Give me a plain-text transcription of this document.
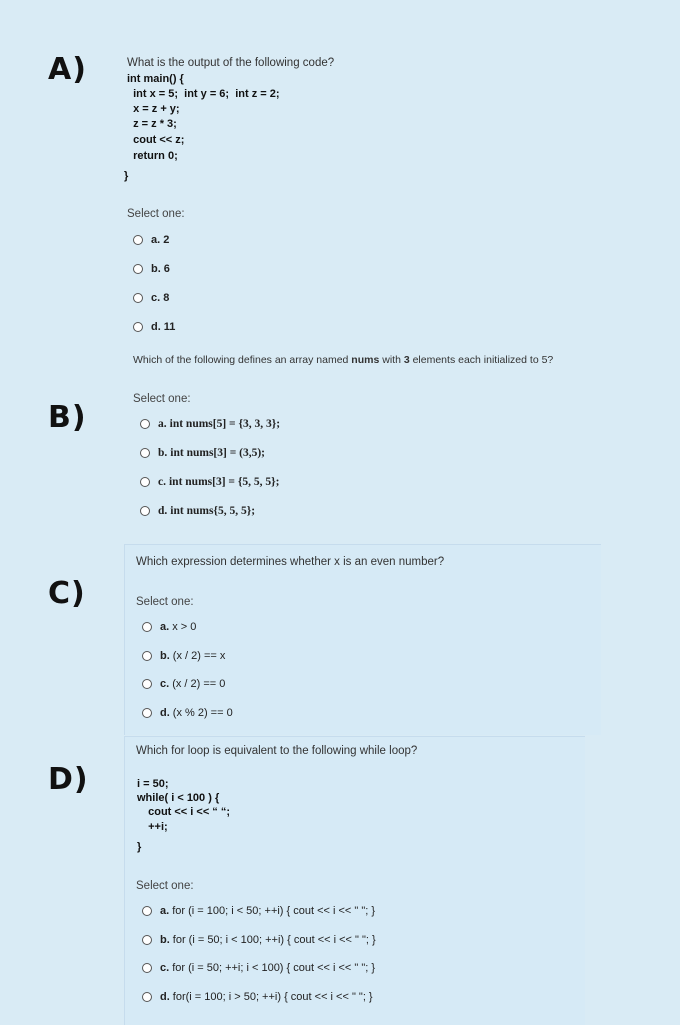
A)	What is the output of the following code?
int main() {
int x = 5;  int y = 6;  int z = 2;
x = z + y;
z = z * 3;
cout << z;
return 0;
}
Select one:
a. 2
b. 6
c. 8
d. 11
Which of the following defines an array named nums with 3 elements each initialized to 5?
Select one:
B)	a. int nums[5] = {3, 3, 3};
b. int nums[3] = (3,5);
c. int nums[3] = {5, 5, 5};
d. int nums{5, 5, 5};
Which expression determines whether x is an even number?
C)	Select one:
a. x > 0
b. (x / 2) == x
c. (x / 2) == 0
d. (x % 2) == 0
Which for loop is equivalent to the following while loop?
D)	i = 50;
while( i < 100 ) {
cout << i << “ “;
++i;
}
Select one:
a. for (i = 100; i < 50; ++i) { cout << i << " "; }
b. for (i = 50; i < 100; ++i) { cout << i << " "; }
c. for (i = 50; ++i; i < 100) { cout << i << " "; }
d. for(i = 100; i > 50; ++i) { cout << i << " "; }
